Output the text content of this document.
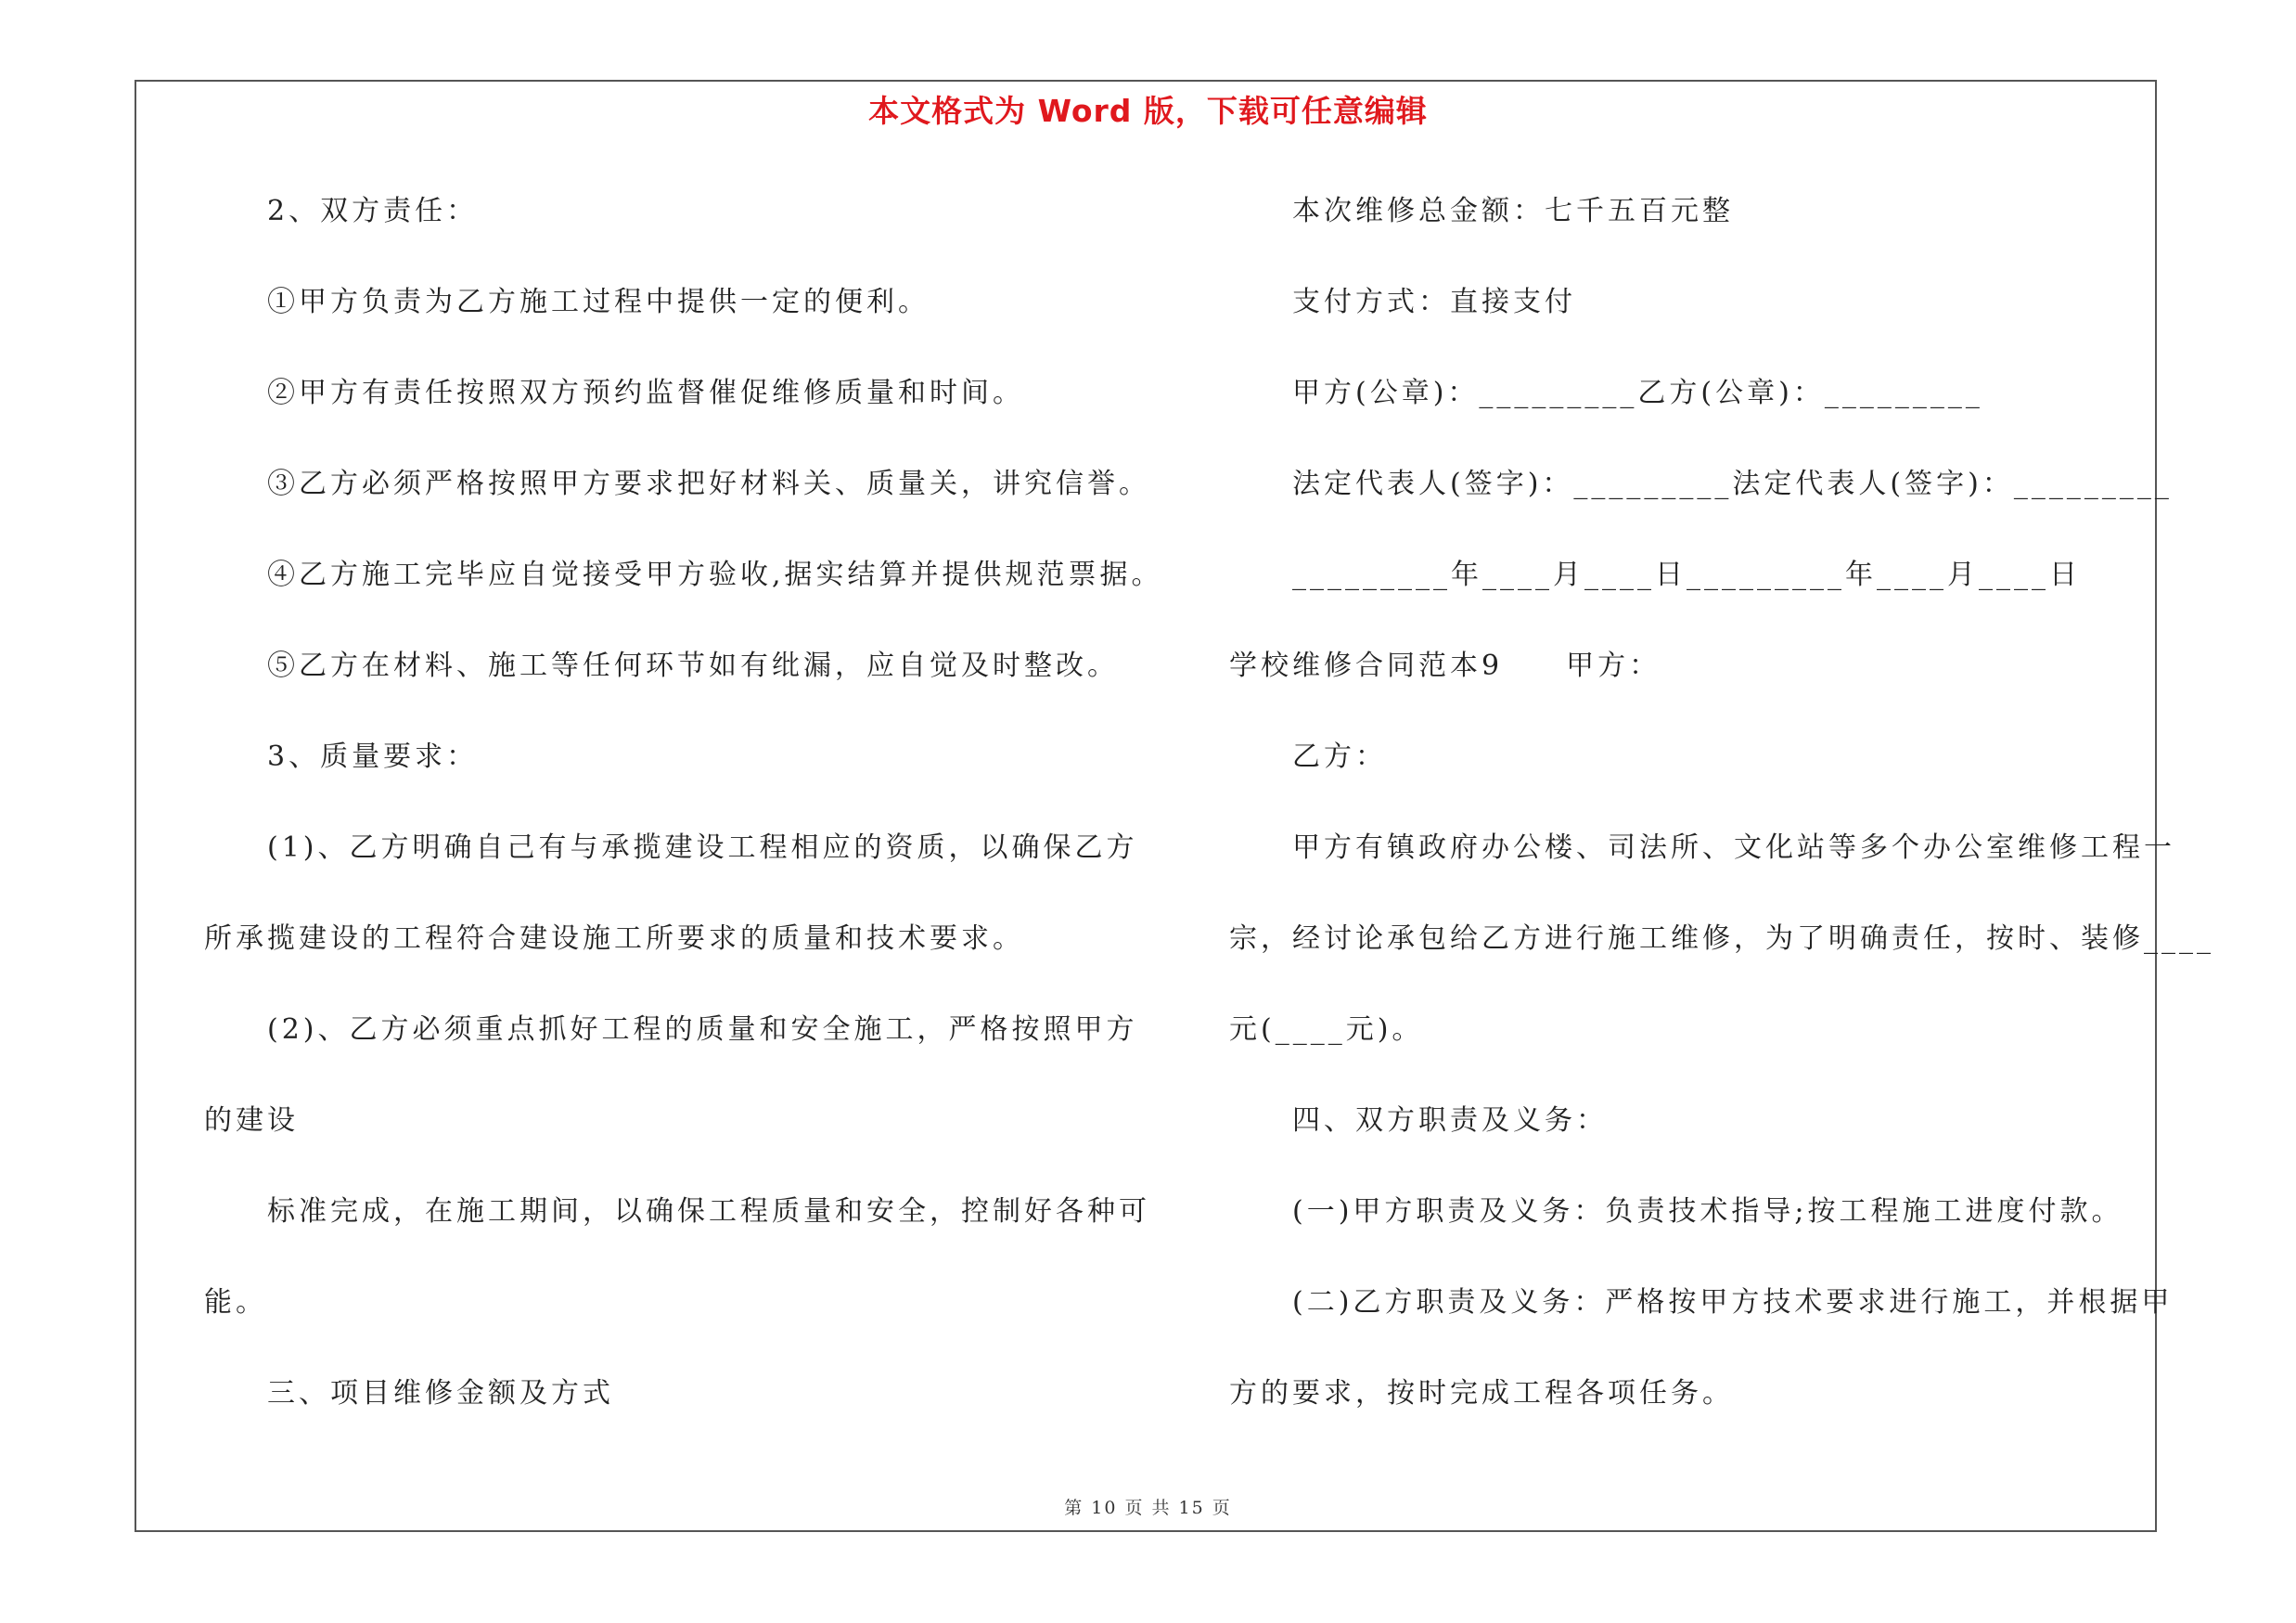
本文格式为 Word 版，下载可任意编辑
2、双方责任：
①甲方负责为乙方施工过程中提供一定的便利。
②甲方有责任按照双方预约监督催促维修质量和时间。
③乙方必须严格按照甲方要求把好材料关、质量关，讲究信誉。
④乙方施工完毕应自觉接受甲方验收,据实结算并提供规范票据。
⑤乙方在材料、施工等任何环节如有纰漏，应自觉及时整改。
3、质量要求：
(1)、乙方明确自己有与承揽建设工程相应的资质，以确保乙方
所承揽建设的工程符合建设施工所要求的质量和技术要求。
(2)、乙方必须重点抓好工程的质量和安全施工，严格按照甲方
的建设
标准完成，在施工期间，以确保工程质量和安全，控制好各种可
能。
三、项目维修金额及方式
本次维修总金额：七千五百元整
支付方式：直接支付
甲方(公章)：_________乙方(公章)：_________
法定代表人(签字)：_________法定代表人(签字)：_________
_________年____月____日_________年____月____日
学校维修合同范本9　　甲方：
乙方：
甲方有镇政府办公楼、司法所、文化站等多个办公室维修工程一
宗，经讨论承包给乙方进行施工维修，为了明确责任，按时、装修____
元(____元)。
四、双方职责及义务：
(一)甲方职责及义务：负责技术指导;按工程施工进度付款。
(二)乙方职责及义务：严格按甲方技术要求进行施工，并根据甲
方的要求，按时完成工程各项任务。
第 10 页 共 15 页
